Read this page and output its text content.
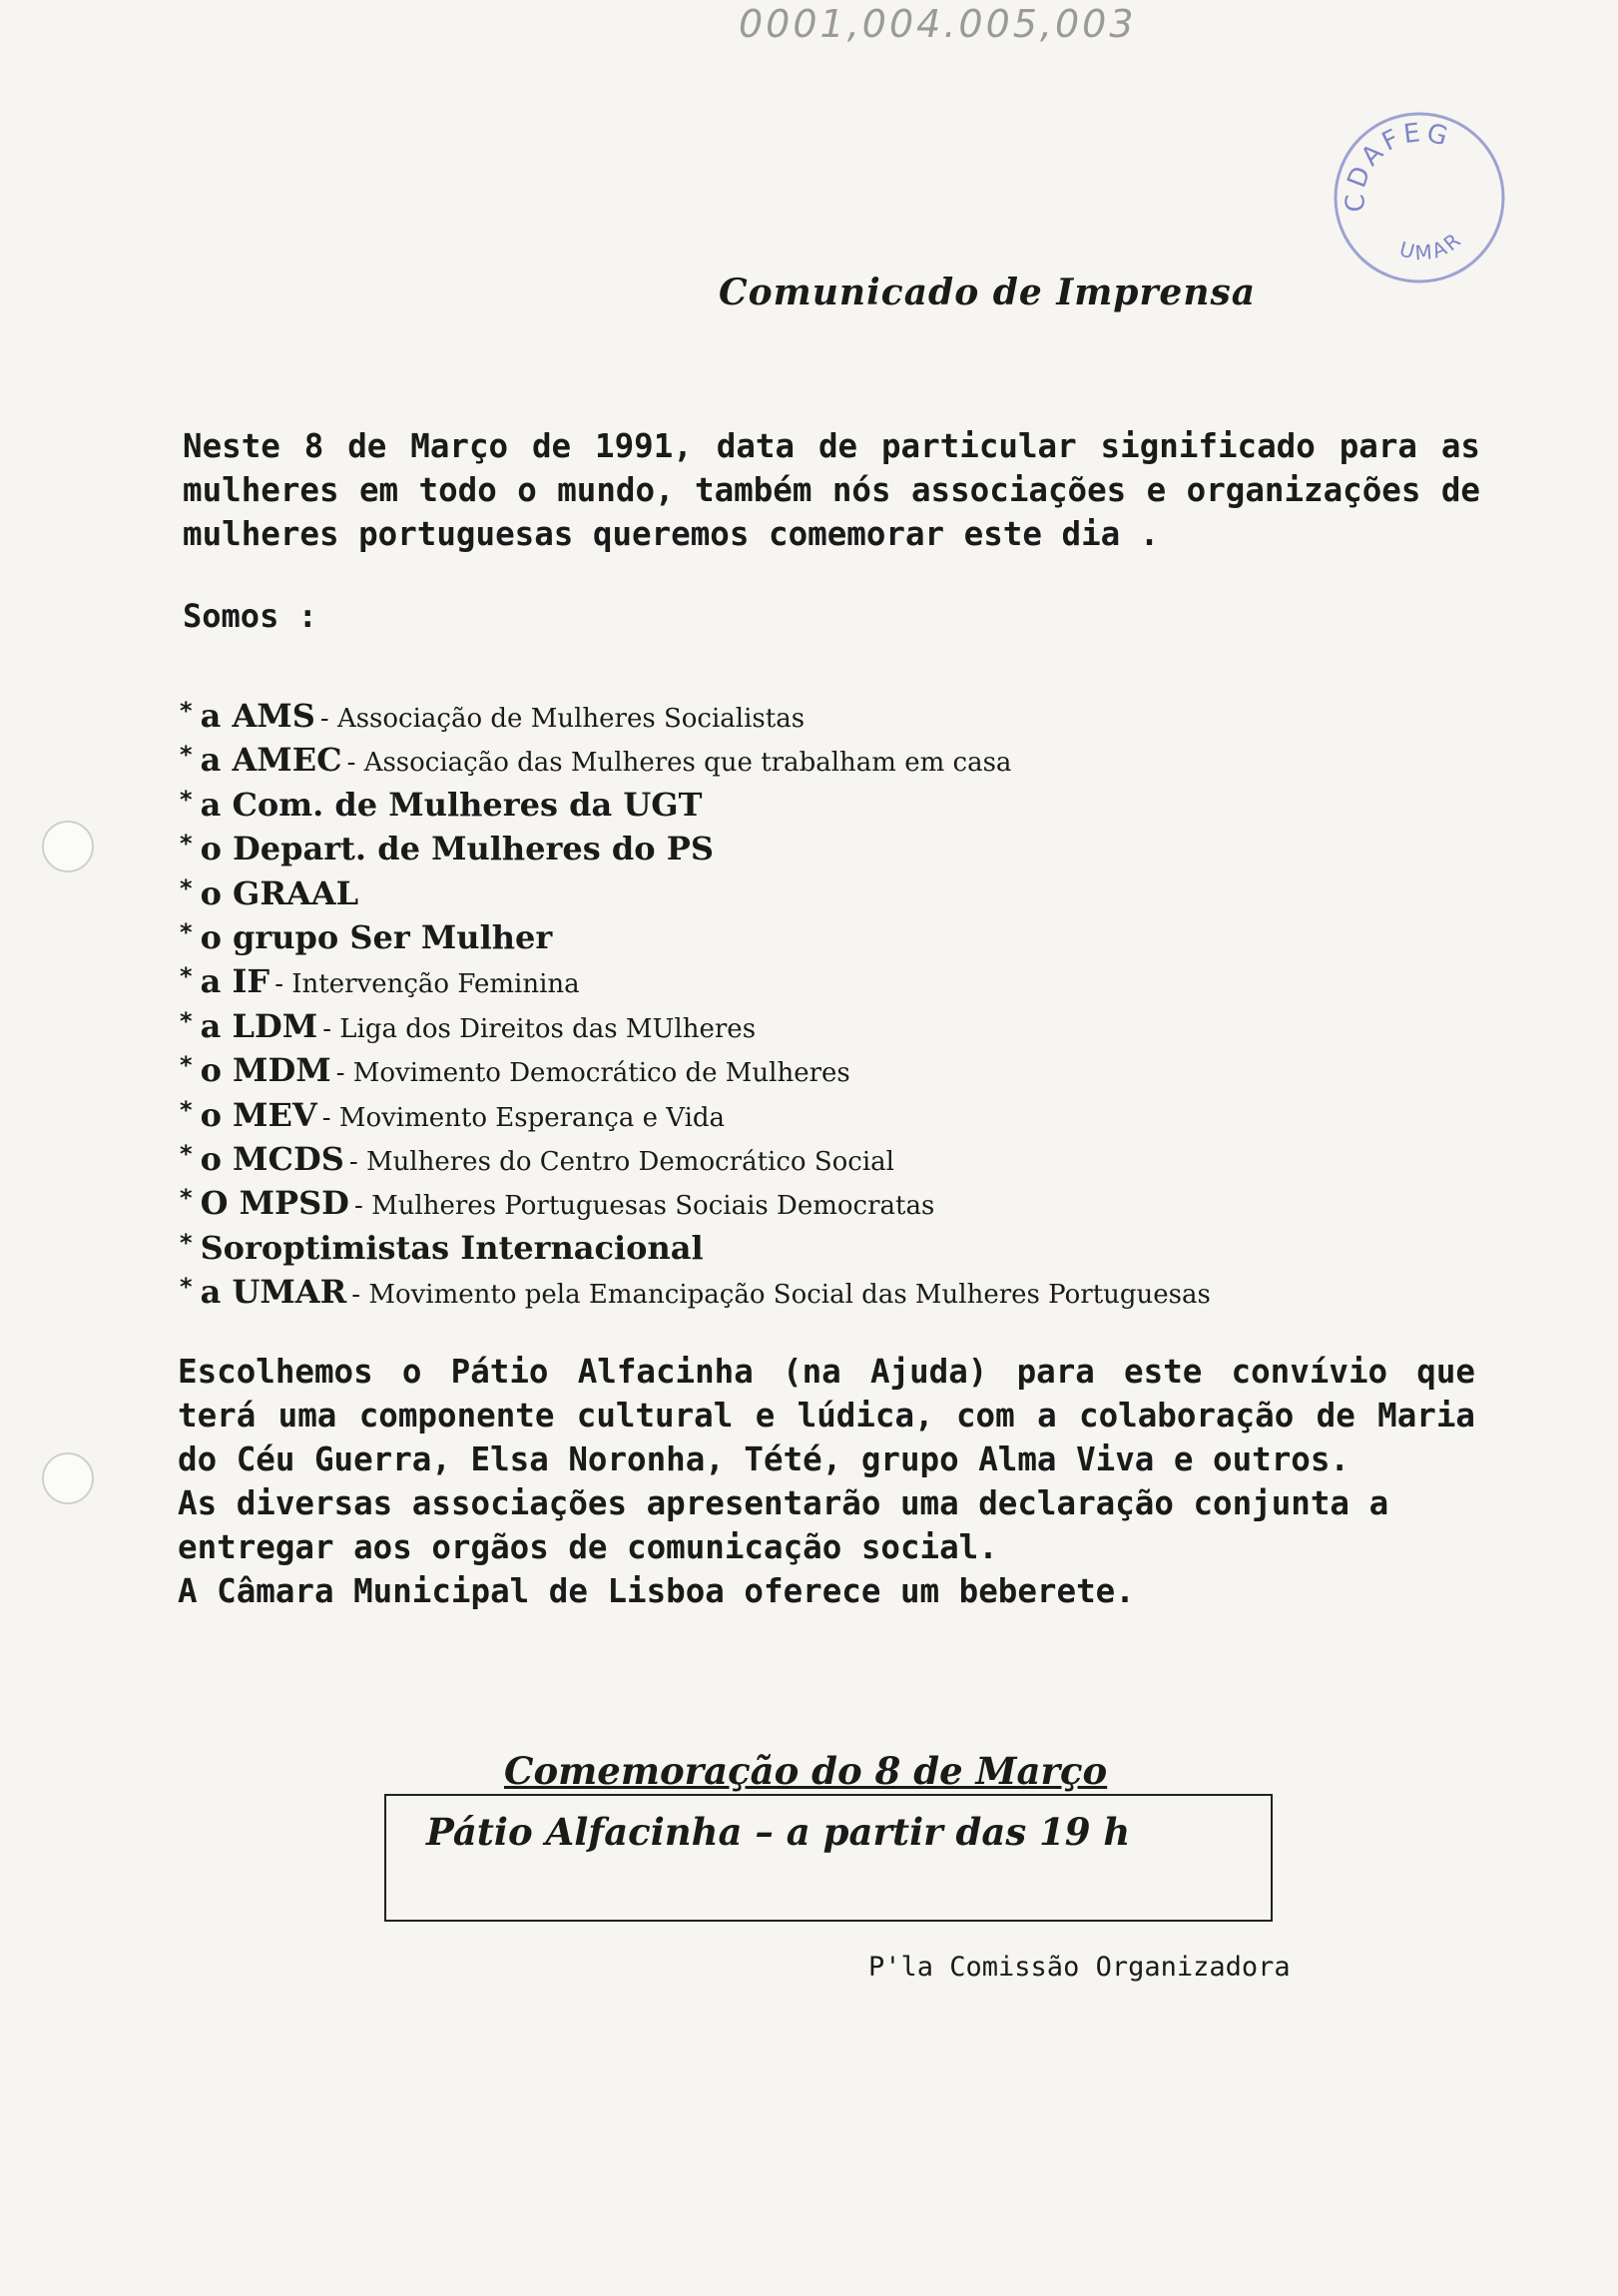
0001,004.005,003
CDAFEG
UMAR
Comunicado de Imprensa
Neste 8 de Março de 1991, data de particular significado para as mulheres em todo o mundo, também nós associações e organizações de mulheres portuguesas queremos comemorar este dia .
Somos :
* a AMS - Associação de Mulheres Socialistas
* a AMEC - Associação das Mulheres que trabalham em casa
* a Com. de Mulheres da UGT
* o Depart. de Mulheres do PS
* o GRAAL
* o grupo Ser Mulher
* a IF - Intervenção Feminina
* a LDM - Liga dos Direitos das MUlheres
* o MDM - Movimento Democrático de Mulheres
* o MEV - Movimento Esperança e Vida
* o MCDS - Mulheres do Centro Democrático Social
* O MPSD - Mulheres Portuguesas Sociais Democratas
* Soroptimistas Internacional
* a UMAR - Movimento pela Emancipação Social das Mulheres Portuguesas

Escolhemos o Pátio Alfacinha (na Ajuda) para este convívio que terá uma componente cultural e lúdica, com a colaboração de Maria do Céu Guerra, Elsa Noronha, Tété, grupo Alma Viva e outros.

As diversas associações apresentarão uma declaração conjunta a entregar aos orgãos de comunicação social.

A Câmara Municipal de Lisboa oferece um beberete.

Comemoração do 8 de Março
Pátio Alfacinha – a partir das 19 h
P'la Comissão Organizadora
